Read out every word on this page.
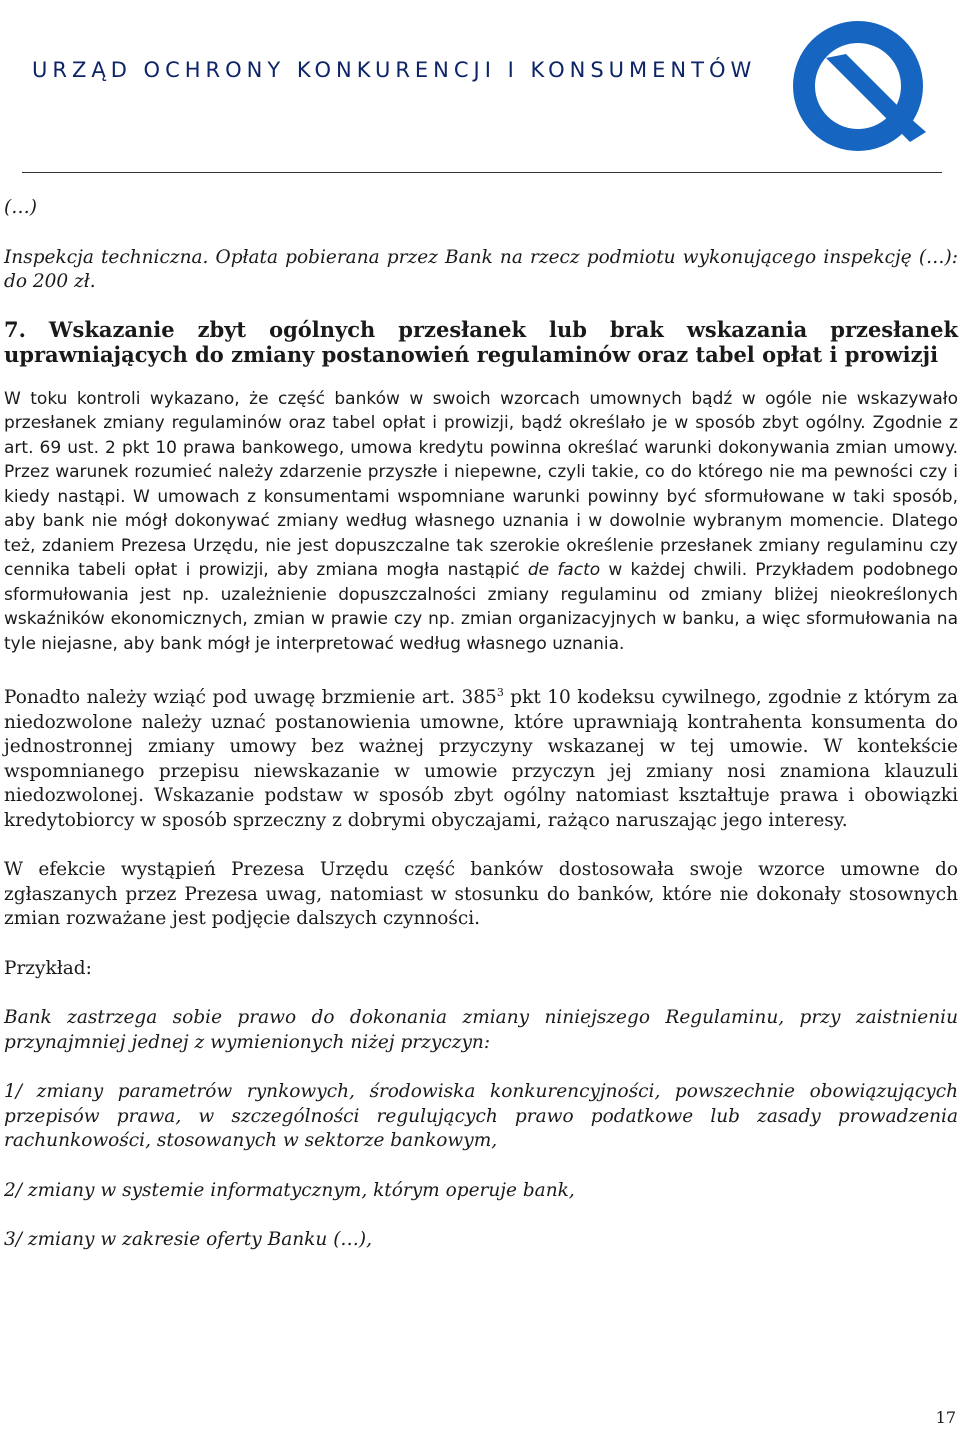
URZĄD OCHRONY KONKURENCJI I KONSUMENTÓW

(…)

Inspekcja techniczna. Opłata pobierana przez Bank na rzecz podmiotu wykonującego inspekcję (…): do 200 zł.

7. Wskazanie zbyt ogólnych przesłanek lub brak wskazania przesłanek uprawniających do zmiany postanowień regulaminów oraz tabel opłat i prowizji

W toku kontroli wykazano, że część banków w swoich wzorcach umownych bądź w ogóle nie wskazywało przesłanek zmiany regulaminów oraz tabel opłat i prowizji, bądź określało je w sposób zbyt ogólny. Zgodnie z art. 69 ust. 2 pkt 10 prawa bankowego, umowa kredytu powinna określać warunki dokonywania zmian umowy. Przez warunek rozumieć należy zdarzenie przyszłe i niepewne, czyli takie, co do którego nie ma pewności czy i kiedy nastąpi. W umowach z konsumentami wspomniane warunki powinny być sformułowane w taki sposób, aby bank nie mógł dokonywać zmiany według własnego uznania i w dowolnie wybranym momencie. Dlatego też, zdaniem Prezesa Urzędu, nie jest dopuszczalne tak szerokie określenie przesłanek zmiany regulaminu czy cennika tabeli opłat i prowizji, aby zmiana mogła nastąpić de facto w każdej chwili. Przykładem podobnego sformułowania jest np. uzależnienie dopuszczalności zmiany regulaminu od zmiany bliżej nieokreślonych wskaźników ekonomicznych, zmian w prawie czy np. zmian organizacyjnych w banku, a więc sformułowania na tyle niejasne, aby bank mógł je interpretować według własnego uznania.

Ponadto należy wziąć pod uwagę brzmienie art. $385^3$ pkt 10 kodeksu cywilnego, zgodnie z którym za niedozwolone należy uznać postanowienia umowne, które uprawniają kontrahenta konsumenta do jednostronnej zmiany umowy bez ważnej przyczyny wskazanej w tej umowie. W kontekście wspomnianego przepisu niewskazanie w umowie przyczyn jej zmiany nosi znamiona klauzuli niedozwolonej. Wskazanie podstaw w sposób zbyt ogólny natomiast kształtuje prawa i obowiązki kredytobiorcy w sposób sprzeczny z dobrymi obyczajami, rażąco naruszając jego interesy.

W efekcie wystąpień Prezesa Urzędu część banków dostosowała swoje wzorce umowne do zgłaszanych przez Prezesa uwag, natomiast w stosunku do banków, które nie dokonały stosownych zmian rozważane jest podjęcie dalszych czynności.

Przykład:

Bank zastrzega sobie prawo do dokonania zmiany niniejszego Regulaminu, przy zaistnieniu przynajmniej jednej z wymienionych niżej przyczyn:

1/ zmiany parametrów rynkowych, środowiska konkurencyjności, powszechnie obowiązujących przepisów prawa, w szczególności regulujących prawo podatkowe lub zasady prowadzenia rachunkowości, stosowanych w sektorze bankowym,

2/ zmiany w systemie informatycznym, którym operuje bank,

3/ zmiany w zakresie oferty Banku (…),

17
